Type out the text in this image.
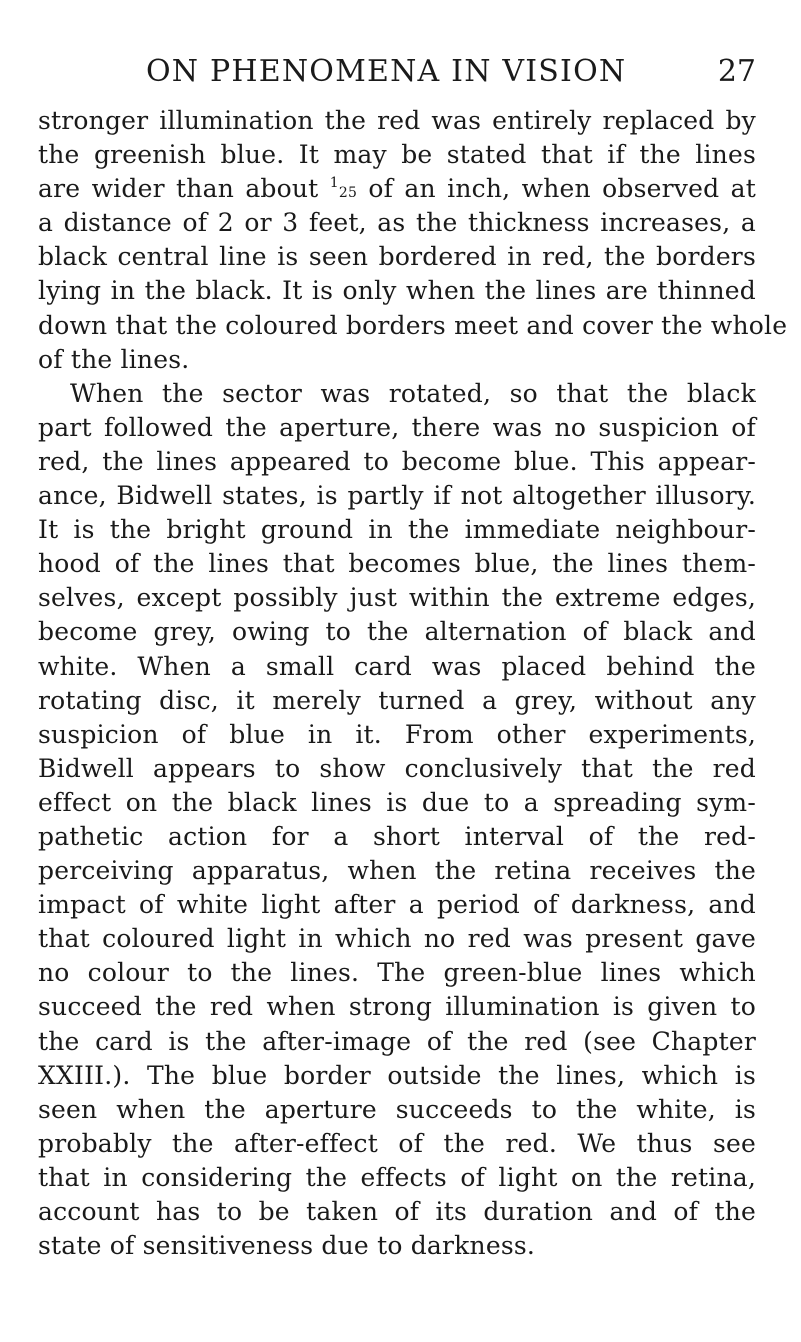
ON PHENOMENA IN VISION	27
stronger illumination the red was entirely replaced by
the greenish blue. It may be stated that if the lines
are wider than about $^1_{25}$ of an inch, when observed at
a distance of 2 or 3 feet, as the thickness increases, a
black central line is seen bordered in red, the borders
lying in the black. It is only when the lines are thinned
down that the coloured borders meet and cover the whole
of the lines.
When the sector was rotated, so that the black
part followed the aperture, there was no suspicion of
red, the lines appeared to become blue. This appear-
ance, Bidwell states, is partly if not altogether illusory.
It is the bright ground in the immediate neighbour-
hood of the lines that becomes blue, the lines them-
selves, except possibly just within the extreme edges,
become grey, owing to the alternation of black and
white. When a small card was placed behind the
rotating disc, it merely turned a grey, without any
suspicion of blue in it. From other experiments,
Bidwell appears to show conclusively that the red
effect on the black lines is due to a spreading sym-
pathetic action for a short interval of the red-
perceiving apparatus, when the retina receives the
impact of white light after a period of darkness, and
that coloured light in which no red was present gave
no colour to the lines. The green-blue lines which
succeed the red when strong illumination is given to
the card is the after-image of the red (see Chapter
XXIII.). The blue border outside the lines, which is
seen when the aperture succeeds to the white, is
probably the after-effect of the red. We thus see
that in considering the effects of light on the retina,
account has to be taken of its duration and of the
state of sensitiveness due to darkness.
